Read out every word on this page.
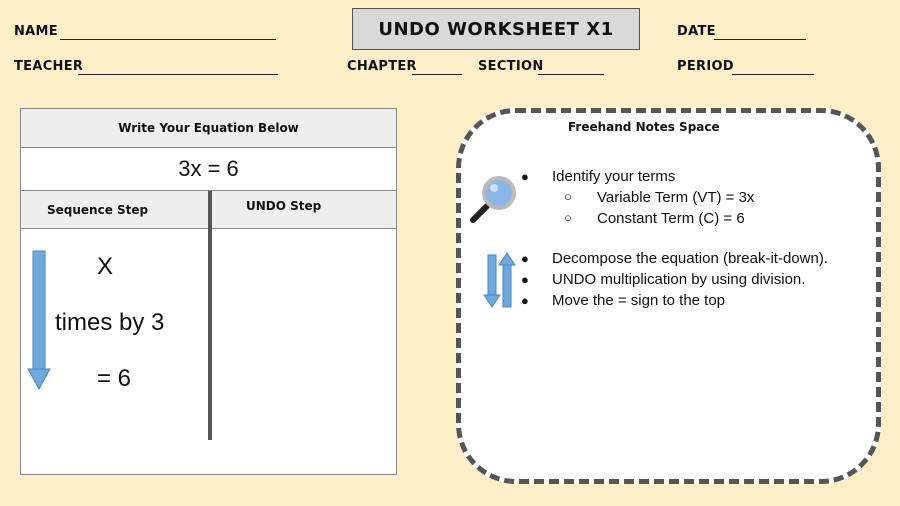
NAME	UNDO WORKSHEET X1	DATE
TEACHER	CHAPTER	SECTION	PERIOD
Write Your Equation Below
3x = 6
Sequence Step	UNDO Step
X
times by 3
= 6
Freehand Notes Space
● Identify your terms
○ Variable Term (VT) = 3x
○ Constant Term (C) = 6
● Decompose the equation (break-it-down).
● UNDO multiplication by using division.
● Move the = sign to the top
